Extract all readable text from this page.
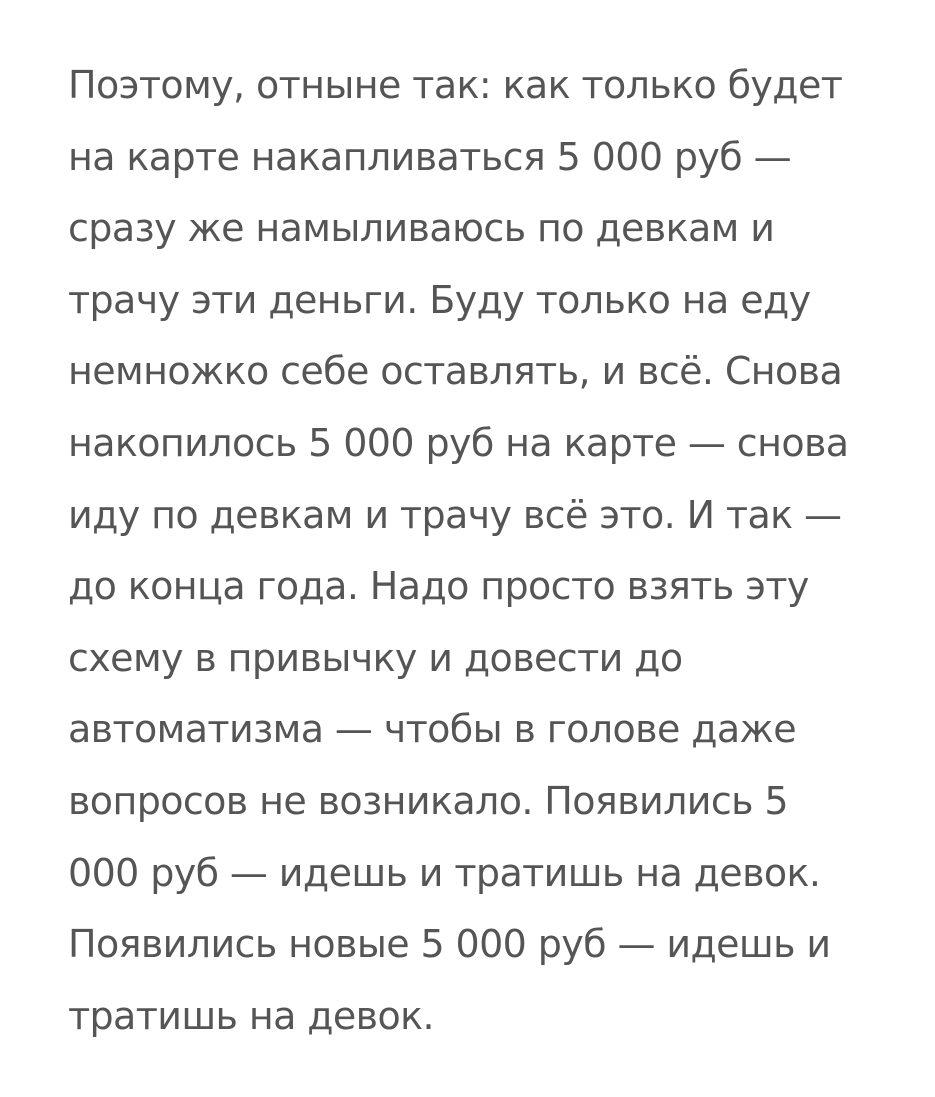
Поэтому, отныне так: как только будет
на карте накапливаться 5 000 руб —
сразу же намыливаюсь по девкам и
трачу эти деньги. Буду только на еду
немножко себе оставлять, и всё. Снова
накопилось 5 000 руб на карте — снова
иду по девкам и трачу всё это. И так —
до конца года. Надо просто взять эту
схему в привычку и довести до
автоматизма — чтобы в голове даже
вопросов не возникало. Появились 5
000 руб — идешь и тратишь на девок.
Появились новые 5 000 руб — идешь и
тратишь на девок.
